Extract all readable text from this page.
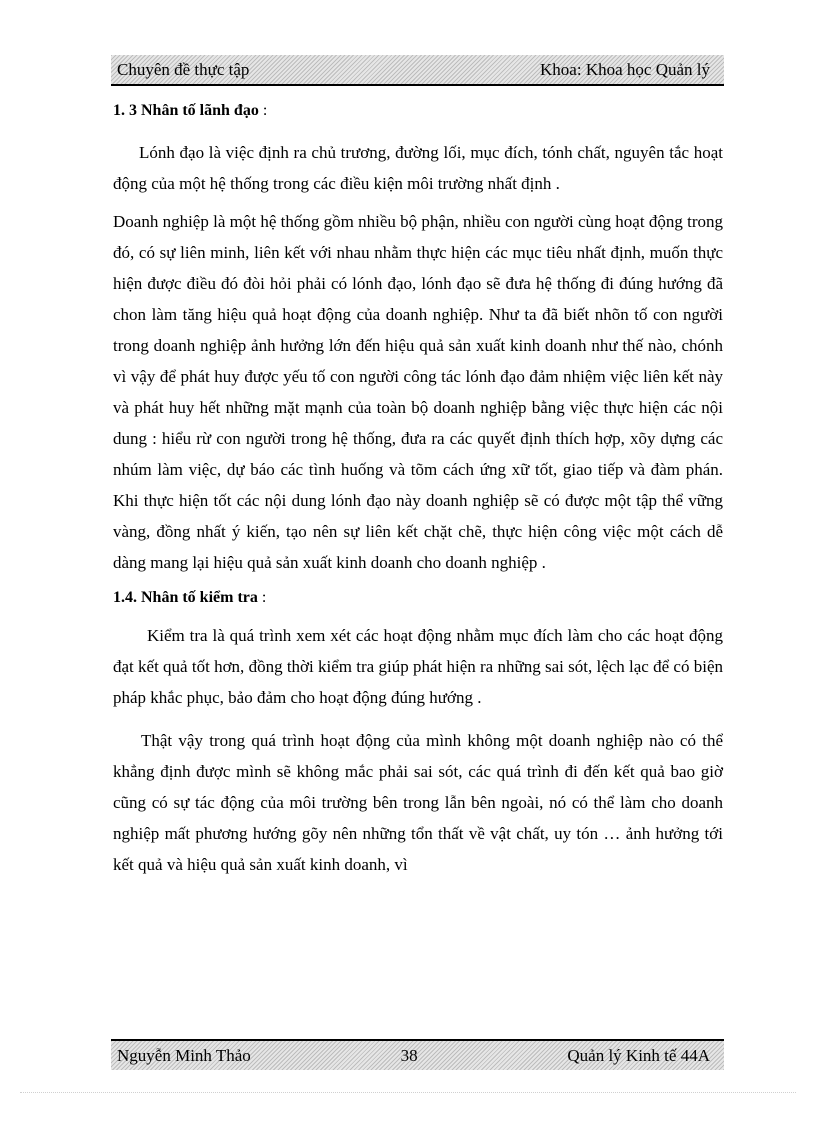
Chuyên đề thực tập	Khoa: Khoa học Quản lý

1. 3 Nhân tố lãnh đạo :

Lónh đạo là việc định ra chủ trương, đường lối, mục đích, tónh chất, nguyên tắc hoạt động của một hệ thống trong các điều kiện môi trường nhất định .

Doanh nghiệp là một hệ thống gồm nhiều bộ phận, nhiều con người cùng hoạt động trong đó, có sự liên minh, liên kết với nhau nhằm thực hiện các mục tiêu nhất định, muốn thực hiện được điều đó đòi hỏi phải có lónh đạo, lónh đạo sẽ đưa hệ thống đi đúng hướng đã chon làm tăng hiệu quả hoạt động của doanh nghiệp. Như ta đã biết nhõn tố con người trong doanh nghiệp ảnh hưởng lớn đến hiệu quả sản xuất kinh doanh như thế nào, chónh vì vậy để phát huy được yếu tố con người công tác lónh đạo đảm nhiệm việc liên kết này và phát huy hết những mặt mạnh của toàn bộ doanh nghiệp bằng việc thực hiện các nội dung : hiểu rừ con người trong hệ thống, đưa ra các quyết định thích hợp, xõy dựng các nhúm làm việc, dự báo các tình huống và tõm cách ứng xữ tốt, giao tiếp và đàm phán. Khi thực hiện tốt các nội dung lónh đạo này doanh nghiệp sẽ có được một tập thể vững vàng, đồng nhất ý kiến, tạo nên sự liên kết chặt chẽ, thực hiện công việc một cách dễ dàng mang lại hiệu quả sản xuất kinh doanh cho doanh nghiệp .

1.4. Nhân tố kiểm tra :

Kiểm tra là quá trình xem xét các hoạt động nhằm mục đích làm cho các hoạt động đạt kết quả tốt hơn, đồng thời kiểm tra giúp phát hiện ra những sai sót, lệch lạc để có biện pháp khắc phục, bảo đảm cho hoạt động đúng hướng .

Thật vậy trong quá trình hoạt động của mình không một doanh nghiệp nào có thể khẳng định được mình sẽ không mắc phải sai sót, các quá trình đi đến kết quả bao giờ cũng có sự tác động của môi trường bên trong lẫn bên ngoài, nó có thể làm cho doanh nghiệp mất phương hướng gõy nên những tổn thất về vật chất, uy tón … ảnh hưởng tới kết quả và hiệu quả sản xuất kinh doanh, vì

Nguyễn Minh Thảo	38	Quản lý Kinh tế 44A
